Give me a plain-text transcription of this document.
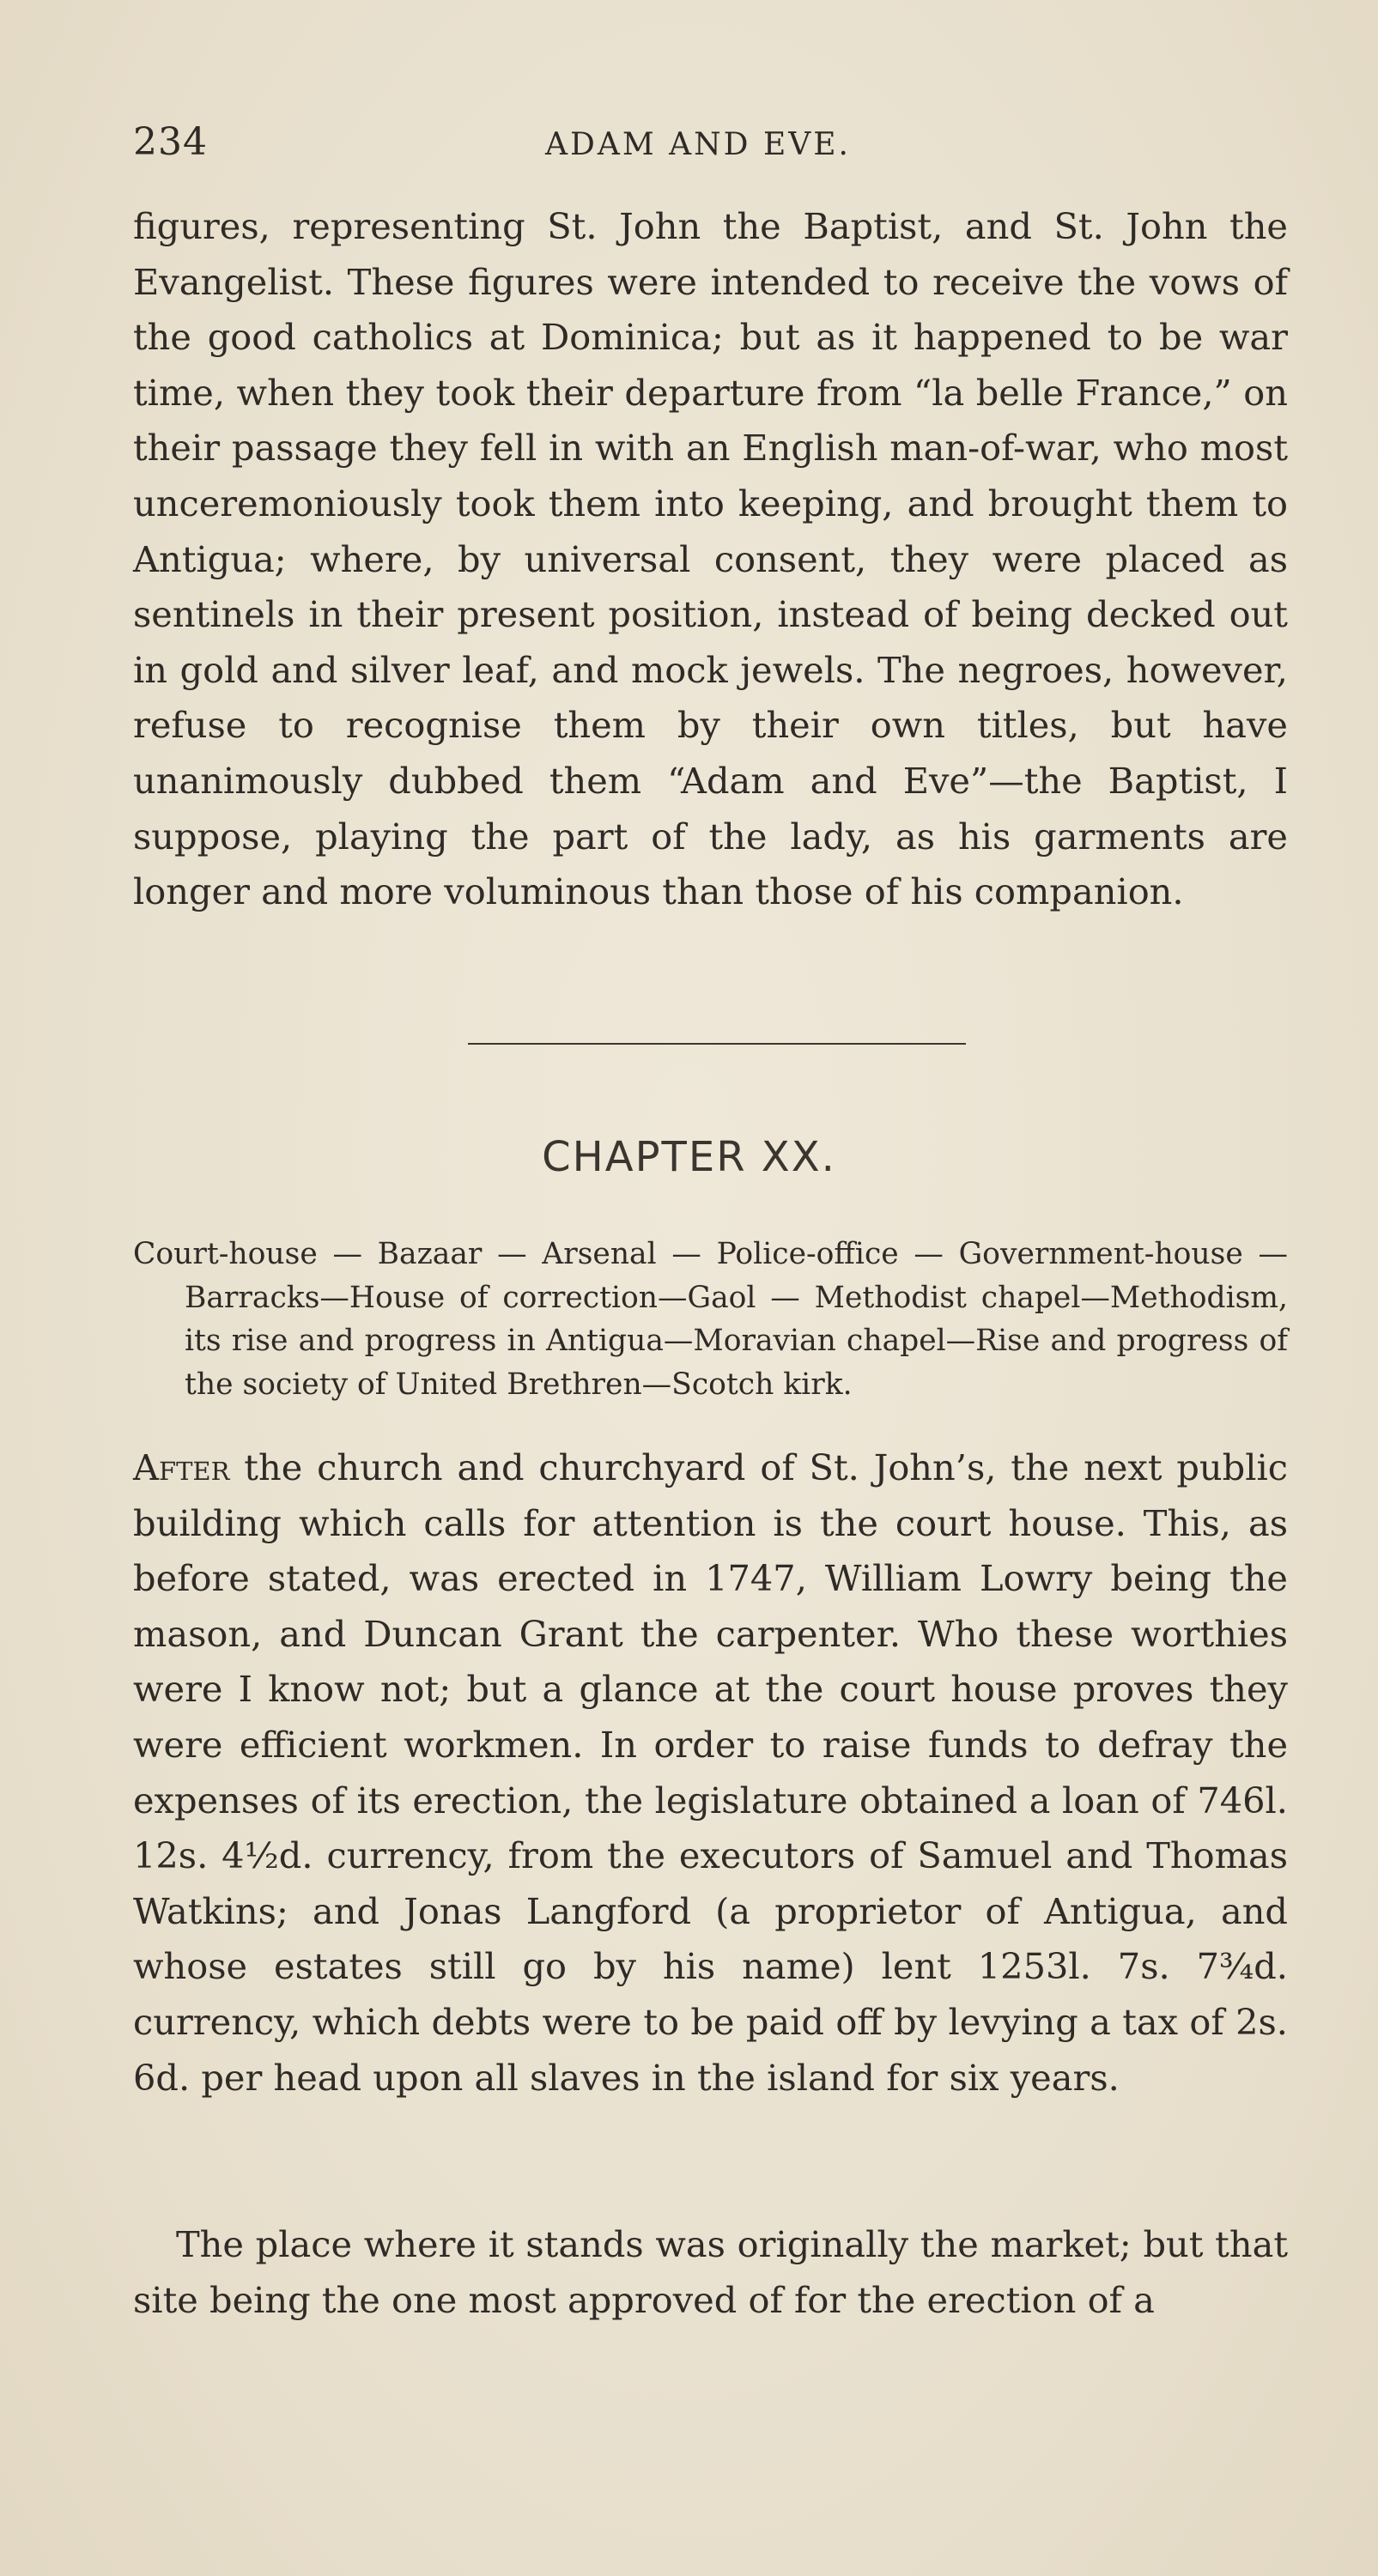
234	ADAM AND EVE.

figures, representing St. John the Baptist, and St. John the Evangelist. These figures were intended to receive the vows of the good catholics at Dominica; but as it happened to be war time, when they took their departure from “la belle France,” on their passage they fell in with an English man-of-war, who most unceremoniously took them into keeping, and brought them to Antigua; where, by universal consent, they were placed as sentinels in their present position, instead of being decked out in gold and silver leaf, and mock jewels. The negroes, however, refuse to recognise them by their own titles, but have unanimously dubbed them “Adam and Eve”—the Baptist, I suppose, playing the part of the lady, as his garments are longer and more voluminous than those of his companion.

CHAPTER XX.
Court-house — Bazaar — Arsenal — Police-office — Government-house —Barracks—House of correction—Gaol — Methodist chapel—Methodism, its rise and progress in Antigua—Moravian chapel—Rise and progress of the society of United Brethren—Scotch kirk.

After the church and churchyard of St. John’s, the next public building which calls for attention is the court house. This, as before stated, was erected in 1747, William Lowry being the mason, and Duncan Grant the carpenter. Who these worthies were I know not; but a glance at the court house proves they were efficient workmen. In order to raise funds to defray the expenses of its erection, the legislature obtained a loan of 746l. 12s. 4½d. currency, from the executors of Samuel and Thomas Watkins; and Jonas Langford (a proprietor of Antigua, and whose estates still go by his name) lent 1253l. 7s. 7¾d. currency, which debts were to be paid off by levying a tax of 2s. 6d. per head upon all slaves in the island for six years.

The place where it stands was originally the market; but that site being the one most approved of for the erection of a
